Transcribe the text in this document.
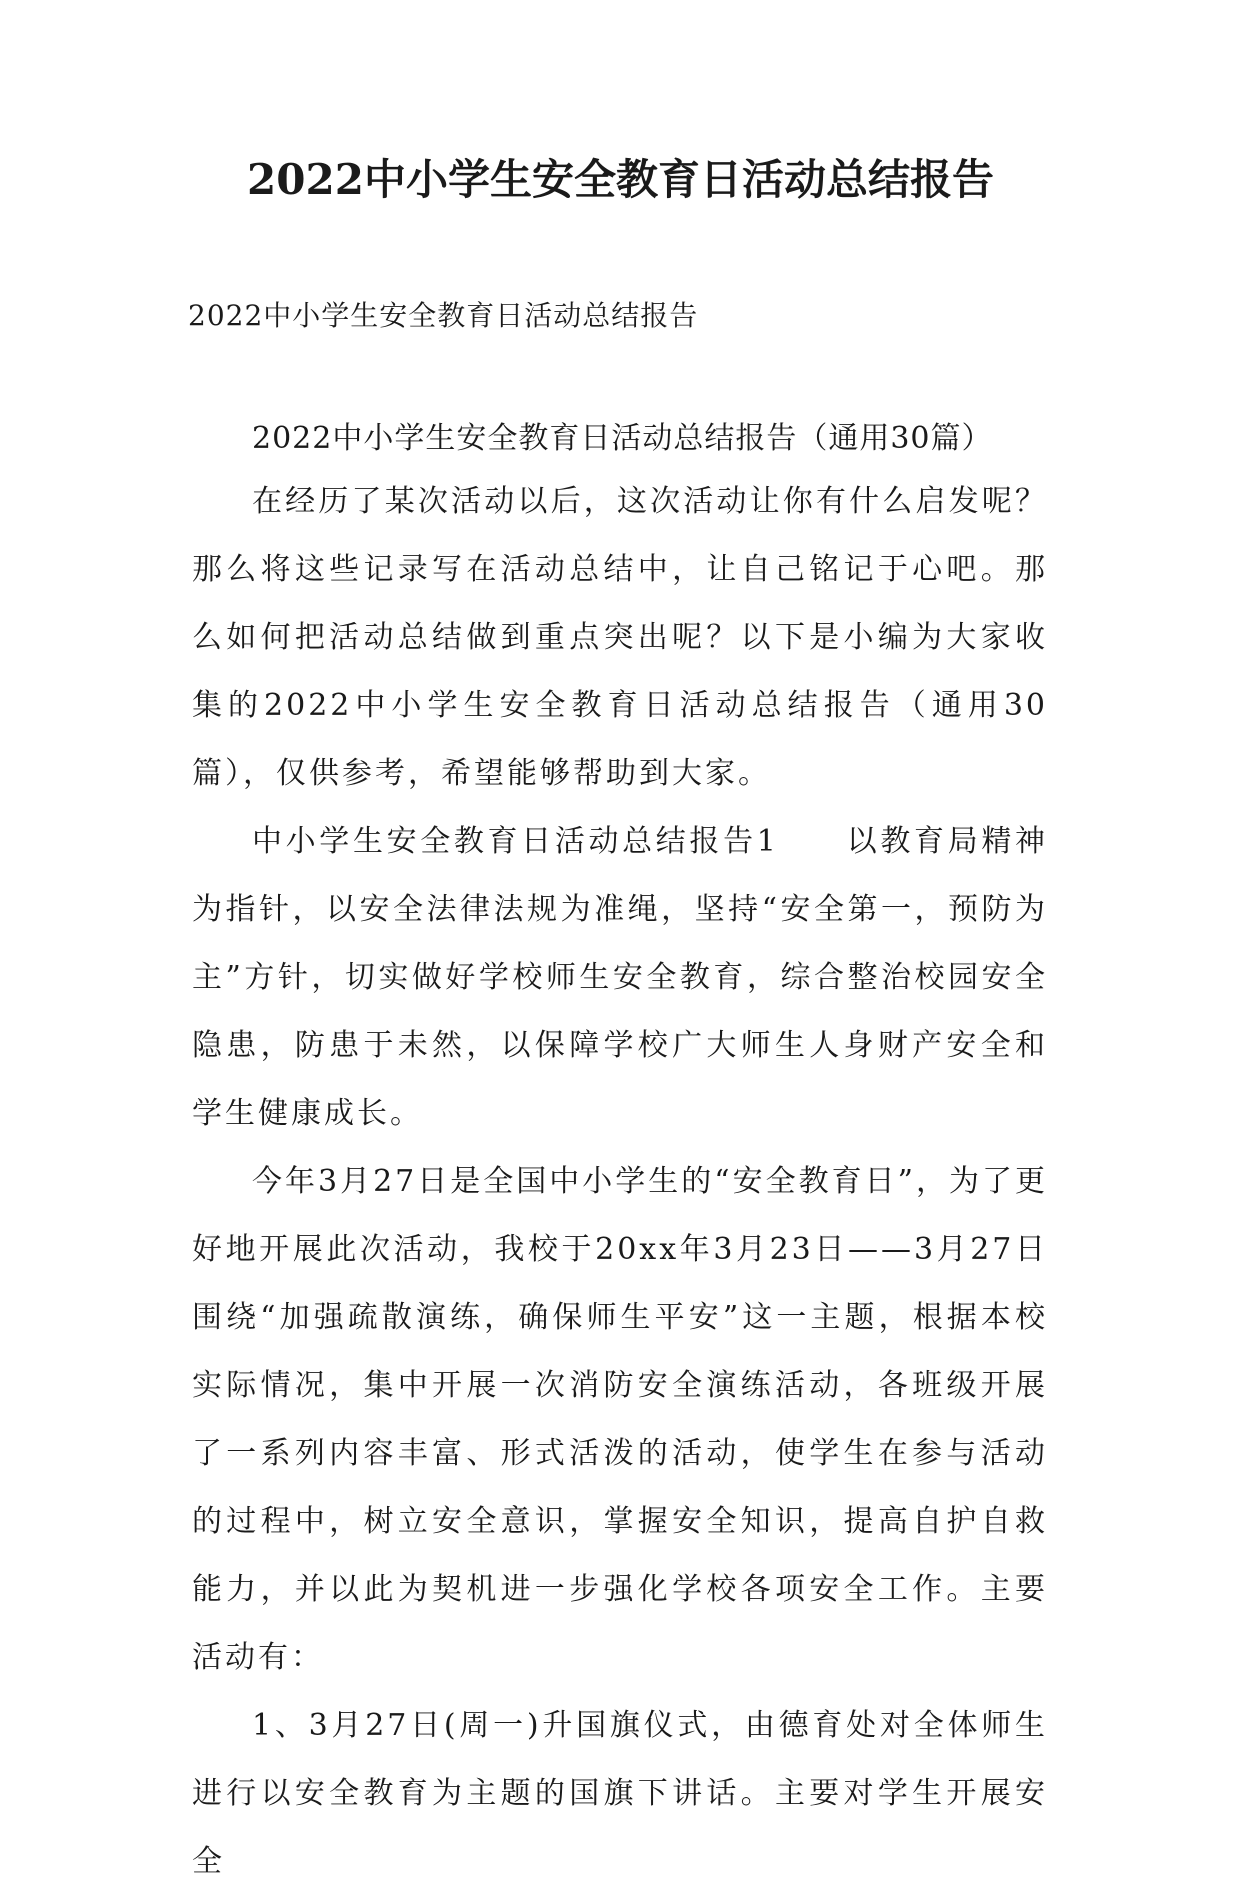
2022中小学生安全教育日活动总结报告

2022中小学生安全教育日活动总结报告

2022中小学生安全教育日活动总结报告（通用30篇）

在经历了某次活动以后，这次活动让你有什么启发呢？那么将这些记录写在活动总结中，让自己铭记于心吧。那么如何把活动总结做到重点突出呢？以下是小编为大家收集的2022中小学生安全教育日活动总结报告（通用30篇），仅供参考，希望能够帮助到大家。

中小学生安全教育日活动总结报告1　　以教育局精神为指针，以安全法律法规为准绳，坚持“安全第一，预防为主”方针，切实做好学校师生安全教育，综合整治校园安全隐患，防患于未然，以保障学校广大师生人身财产安全和学生健康成长。

今年3月27日是全国中小学生的“安全教育日”，为了更好地开展此次活动，我校于20xx年3月23日——3月27日围绕“加强疏散演练，确保师生平安”这一主题，根据本校实际情况，集中开展一次消防安全演练活动，各班级开展了一系列内容丰富、形式活泼的活动，使学生在参与活动的过程中，树立安全意识，掌握安全知识，提高自护自救能力，并以此为契机进一步强化学校各项安全工作。主要活动有：

1、3月27日(周一)升国旗仪式，由德育处对全体师生进行以安全教育为主题的国旗下讲话。主要对学生开展安全
